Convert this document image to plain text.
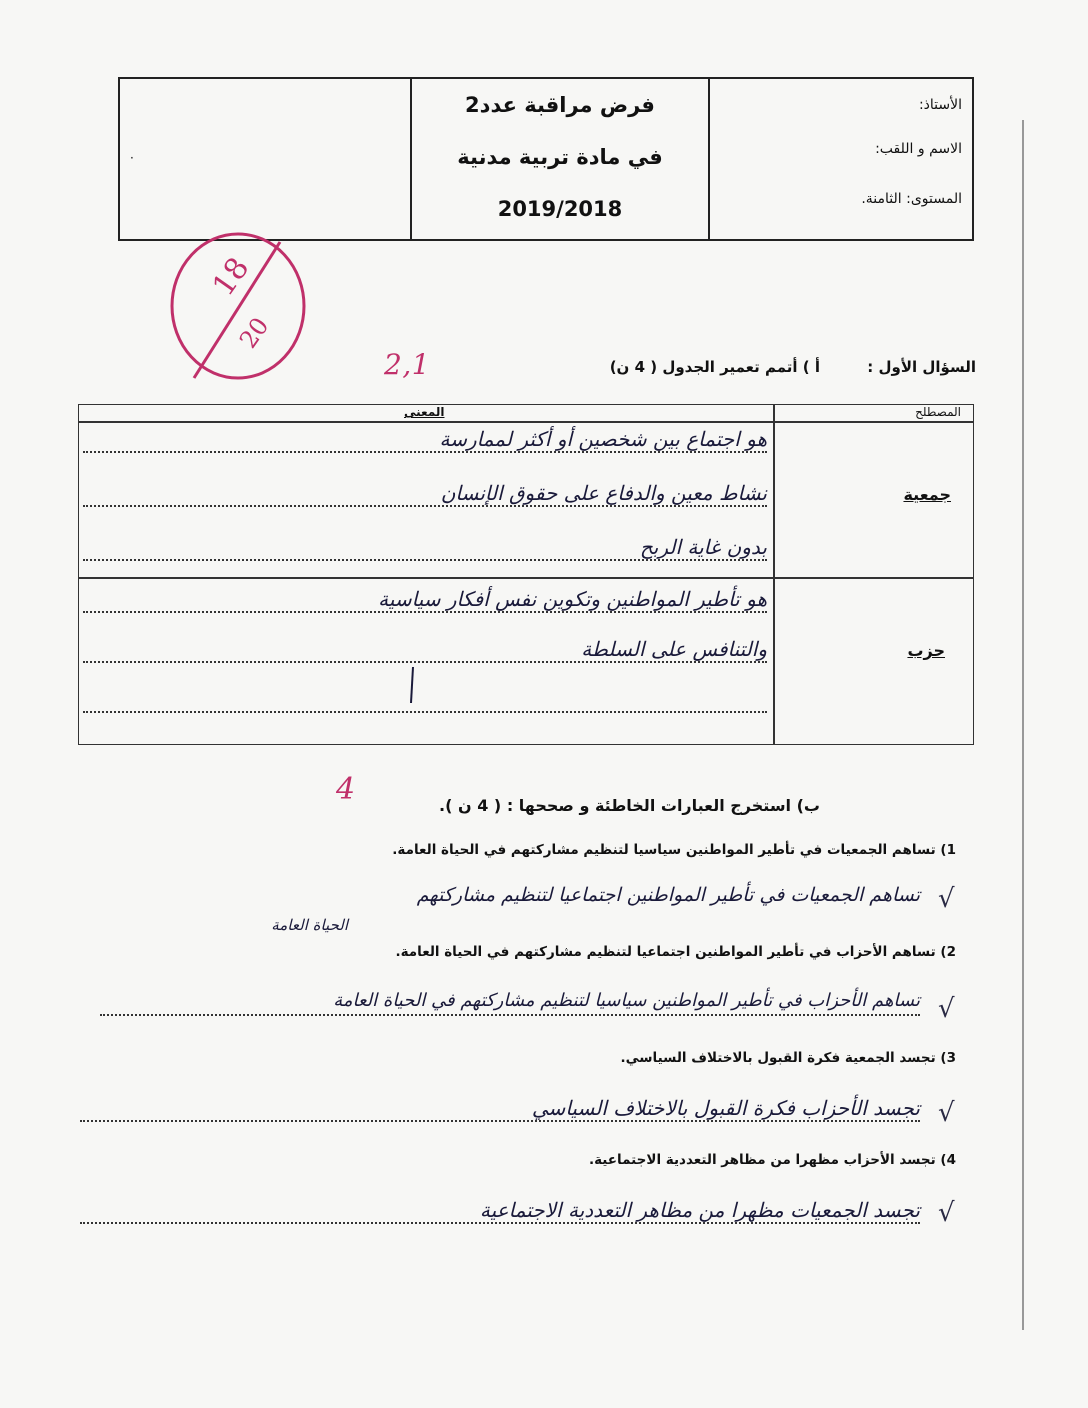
·
فرض مراقبة عدد2
في مادة تربية مدنية
2019/2018
الأستاذ:
الاسم و اللقب:
المستوى: الثامنة.
18
20
السؤال الأول :
أ ) أتمم تعمير الجدول ( 4 ن)
2,1
المصطلح
المعنى
جمعية
هو اجتماع بين شخصين أو أكثر لممارسة
نشاط معين والدفاع على حقوق الإنسان
بدون غاية الربح
حزب
هو تأطير المواطنين وتكوين نفس أفكار سياسية
والتنافس على السلطة
ب) استخرج العبارات الخاطئة و صححها : ( 4 ن ).
4
1) تساهم الجمعيات في تأطير المواطنين سياسيا لتنظيم مشاركتهم في الحياة العامة.
√
تساهم الجمعيات في تأطير المواطنين اجتماعيا لتنظيم مشاركتهم
الحياة العامة
2) تساهم الأحزاب في تأطير المواطنين اجتماعيا لتنظيم مشاركتهم في الحياة العامة.
√
تساهم الأحزاب في تأطير المواطنين سياسيا لتنظيم مشاركتهم في الحياة العامة
3) تجسد الجمعية فكرة القبول بالاختلاف السياسي.
√
تجسد الأحزاب فكرة القبول بالاختلاف السياسي
4) تجسد الأحزاب مظهرا من مظاهر التعددية الاجتماعية.
√
تجسد الجمعيات مظهرا من مظاهر التعددية الاجتماعية
